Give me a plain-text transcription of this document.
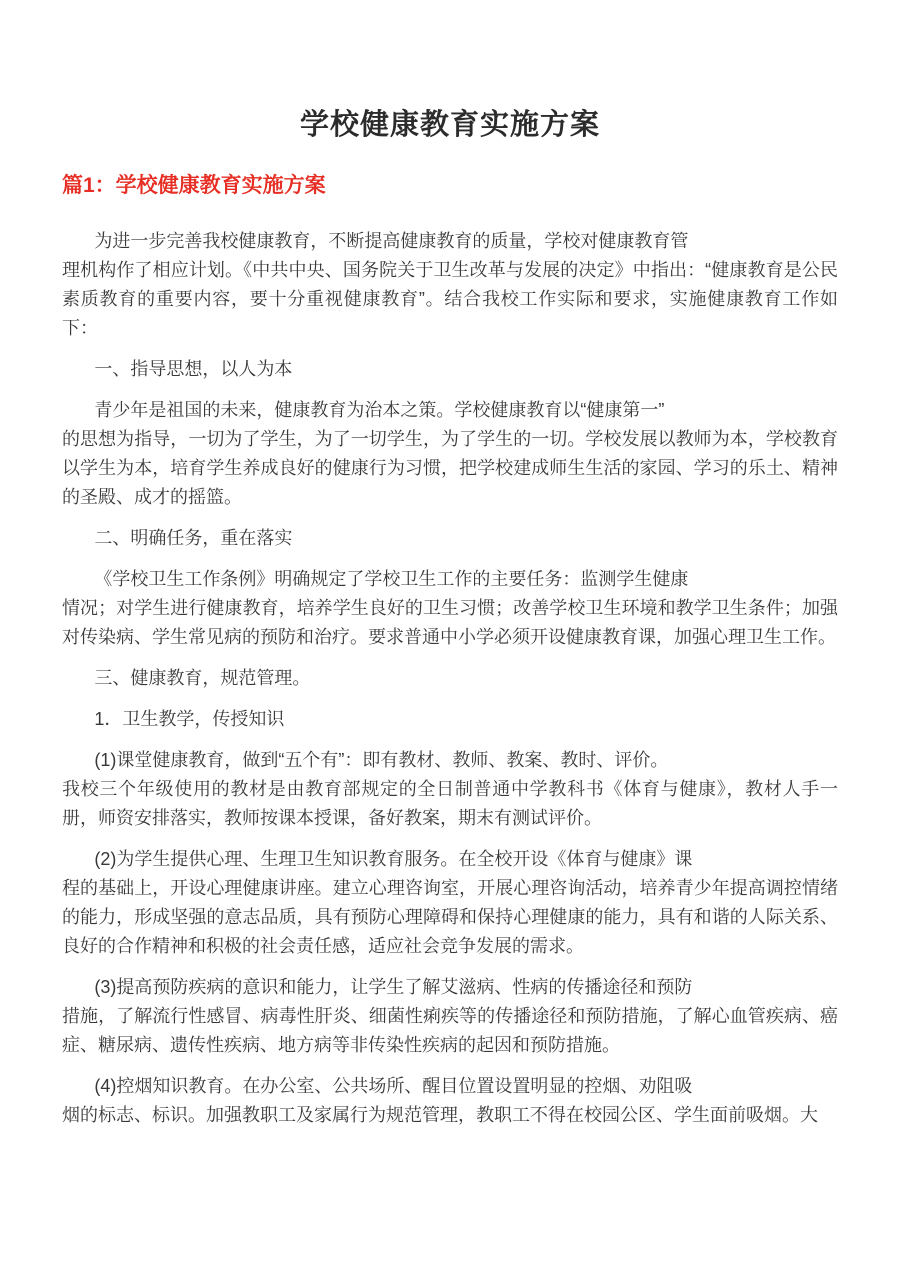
学校健康教育实施方案
篇1：学校健康教育实施方案

为进一步完善我校健康教育，不断提高健康教育的质量，学校对健康教育管
理机构作了相应计划。《中共中央、国务院关于卫生改革与发展的决定》中指出：“健康教育是公民素质教育的重要内容，要十分重视健康教育”。结合我校工作实际和要求，实施健康教育工作如下：

一、指导思想，以人为本

青少年是祖国的未来，健康教育为治本之策。学校健康教育以“健康第一”
的思想为指导，一切为了学生，为了一切学生，为了学生的一切。学校发展以教师为本，学校教育以学生为本，培育学生养成良好的健康行为习惯，把学校建成师生生活的家园、学习的乐土、精神的圣殿、成才的摇篮。

二、明确任务，重在落实

《学校卫生工作条例》明确规定了学校卫生工作的主要任务：监测学生健康
情况；对学生进行健康教育，培养学生良好的卫生习惯；改善学校卫生环境和教学卫生条件；加强对传染病、学生常见病的预防和治疗。要求普通中小学必须开设健康教育课，加强心理卫生工作。

三、健康教育，规范管理。

1．卫生教学，传授知识

(1)课堂健康教育，做到“五个有”：即有教材、教师、教案、教时、评价。
我校三个年级使用的教材是由教育部规定的全日制普通中学教科书《体育与健康》，教材人手一册，师资安排落实，教师按课本授课，备好教案，期末有测试评价。

(2)为学生提供心理、生理卫生知识教育服务。在全校开设《体育与健康》课
程的基础上，开设心理健康讲座。建立心理咨询室，开展心理咨询活动，培养青少年提高调控情绪的能力，形成坚强的意志品质，具有预防心理障碍和保持心理健康的能力，具有和谐的人际关系、良好的合作精神和积极的社会责任感，适应社会竞争发展的需求。

(3)提高预防疾病的意识和能力，让学生了解艾滋病、性病的传播途径和预防
措施，了解流行性感冒、病毒性肝炎、细菌性痢疾等的传播途径和预防措施，了解心血管疾病、癌症、糖尿病、遗传性疾病、地方病等非传染性疾病的起因和预防措施。

(4)控烟知识教育。在办公室、公共场所、醒目位置设置明显的控烟、劝阻吸
烟的标志、标识。加强教职工及家属行为规范管理，教职工不得在校园公区、学生面前吸烟。大
